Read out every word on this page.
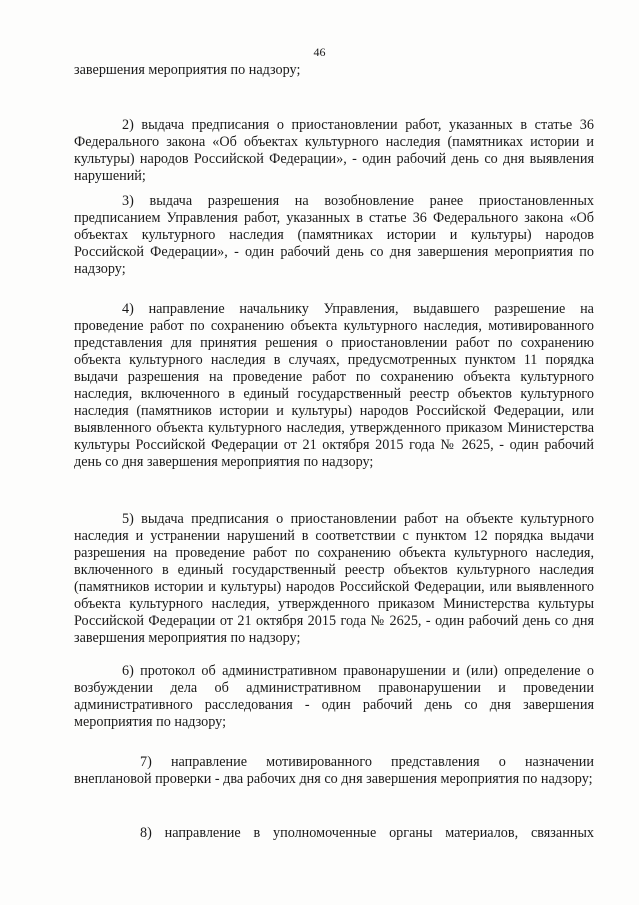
46

завершения мероприятия по надзору;

2) выдача предписания о приостановлении работ, указанных в статье 36 Федерального закона «Об объектах культурного наследия (памятниках истории и культуры) народов Российской Федерации», - один рабочий день со дня выявления нарушений;

3) выдача разрешения на возобновление ранее приостановленных предписанием Управления работ, указанных в статье 36 Федерального закона «Об объектах культурного наследия (памятниках истории и культуры) народов Российской Федерации», - один рабочий день со дня завершения мероприятия по надзору;

4) направление начальнику Управления, выдавшего разрешение на проведение работ по сохранению объекта культурного наследия, мотивированного представления для принятия решения о приостановлении работ по сохранению объекта культурного наследия в случаях, предусмотренных пунктом 11 порядка выдачи разрешения на проведение работ по сохранению объекта культурного наследия, включенного в единый государственный реестр объектов культурного наследия (памятников истории и культуры) народов Российской Федерации, или выявленного объекта культурного наследия, утвержденного приказом Министерства культуры Российской Федерации от 21 октября 2015 года № 2625, - один рабочий день со дня завершения мероприятия по надзору;

5) выдача предписания о приостановлении работ на объекте культурного наследия и устранении нарушений в соответствии с пунктом 12 порядка выдачи разрешения на проведение работ по сохранению объекта культурного наследия, включенного в единый государственный реестр объектов культурного наследия (памятников истории и культуры) народов Российской Федерации, или выявленного объекта культурного наследия, утвержденного приказом Министерства культуры Российской Федерации от 21 октября 2015 года № 2625, - один рабочий день со дня завершения мероприятия по надзору;

6) протокол об административном правонарушении и (или) определение о возбуждении дела об административном правонарушении и проведении административного расследования - один рабочий день со дня завершения мероприятия по надзору;

7) направление мотивированного представления о назначении внеплановой проверки - два рабочих дня со дня завершения мероприятия по надзору;

8) направление в уполномоченные органы материалов, связанных
